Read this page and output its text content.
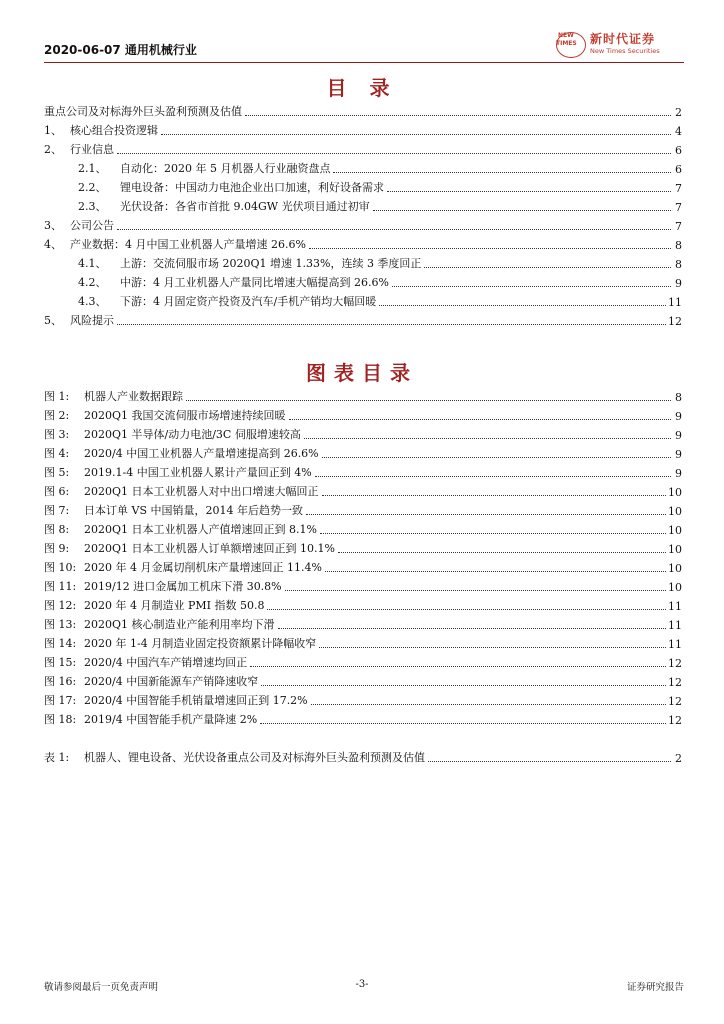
2020-06-07 通用机械行业
NEW
TIMES 新时代证券
New Times Securities
目 录
重点公司及对标海外巨头盈利预测及估值	2
1、 核心组合投资逻辑	4
2、 行业信息	6
2.1、 自动化：2020 年 5 月机器人行业融资盘点	6
2.2、 锂电设备：中国动力电池企业出口加速，利好设备需求	7
2.3、 光伏设备：各省市首批 9.04GW 光伏项目通过初审	7
3、 公司公告	7
4、 产业数据：4 月中国工业机器人产量增速 26.6%	8
4.1、 上游：交流伺服市场 2020Q1 增速 1.33%，连续 3 季度回正	8
4.2、 中游：4 月工业机器人产量同比增速大幅提高到 26.6%	9
4.3、 下游：4 月固定资产投资及汽车/手机产销均大幅回暖	11
5、 风险提示	12
图表目录
图 1: 机器人产业数据跟踪	8
图 2: 2020Q1 我国交流伺服市场增速持续回暖	9
图 3: 2020Q1 半导体/动力电池/3C 伺服增速较高	9
图 4: 2020/4 中国工业机器人产量增速提高到 26.6%	9
图 5: 2019.1-4 中国工业机器人累计产量回正到 4%	9
图 6: 2020Q1 日本工业机器人对中出口增速大幅回正	10
图 7: 日本订单 VS 中国销量，2014 年后趋势一致	10
图 8: 2020Q1 日本工业机器人产值增速回正到 8.1%	10
图 9: 2020Q1 日本工业机器人订单额增速回正到 10.1%	10
图 10: 2020 年 4 月金属切削机床产量增速回正 11.4%	10
图 11: 2019/12 进口金属加工机床下滑 30.8%	10
图 12: 2020 年 4 月制造业 PMI 指数 50.8	11
图 13: 2020Q1 核心制造业产能利用率均下滑	11
图 14: 2020 年 1-4 月制造业固定投资额累计降幅收窄	11
图 15: 2020/4 中国汽车产销增速均回正	12
图 16: 2020/4 中国新能源车产销降速收窄	12
图 17: 2020/4 中国智能手机销量增速回正到 17.2%	12
图 18: 2019/4 中国智能手机产量降速 2%	12
表 1: 机器人、锂电设备、光伏设备重点公司及对标海外巨头盈利预测及估值	2
敬请参阅最后一页免责声明	-3-	证券研究报告
